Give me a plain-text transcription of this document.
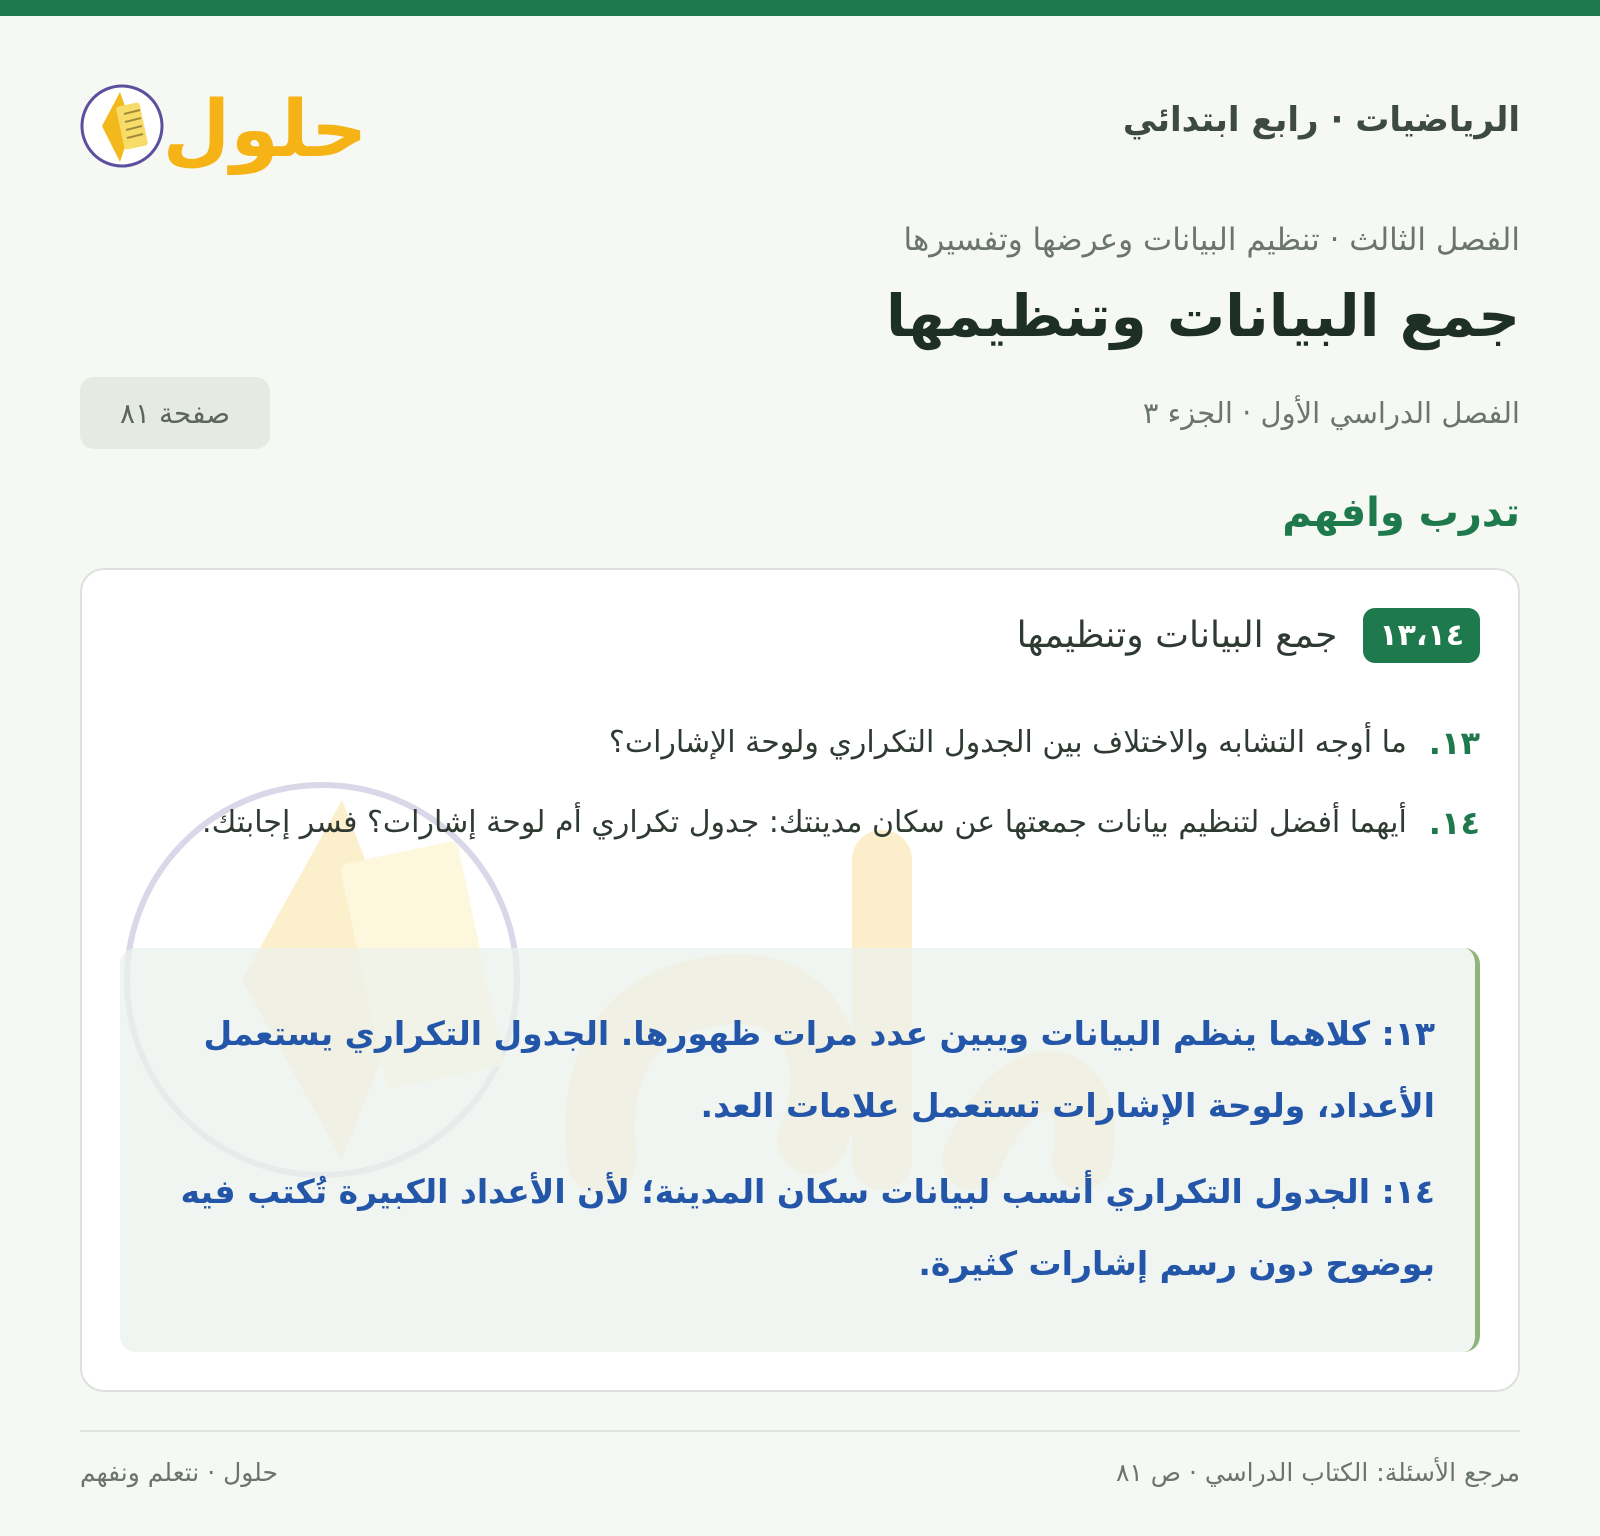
الرياضيات · رابع ابتدائي
حلول
الفصل الثالث · تنظيم البيانات وعرضها وتفسيرها
جمع البيانات وتنظيمها
الفصل الدراسي الأول · الجزء ٣
صفحة ٨١
تدرب وافهم
١٣،١٤
جمع البيانات وتنظيمها
١٣.
ما أوجه التشابه والاختلاف بين الجدول التكراري ولوحة الإشارات؟
١٤.
أيهما أفضل لتنظيم بيانات جمعتها عن سكان مدينتك: جدول تكراري أم لوحة إشارات؟ فسر إجابتك.

١٣: كلاهما ينظم البيانات ويبين عدد مرات ظهورها. الجدول التكراري يستعمل الأعداد، ولوحة الإشارات تستعمل علامات العد.

١٤: الجدول التكراري أنسب لبيانات سكان المدينة؛ لأن الأعداد الكبيرة تُكتب فيه بوضوح دون رسم إشارات كثيرة.

مرجع الأسئلة: الكتاب الدراسي · ص ٨١
حلول · نتعلم ونفهم
